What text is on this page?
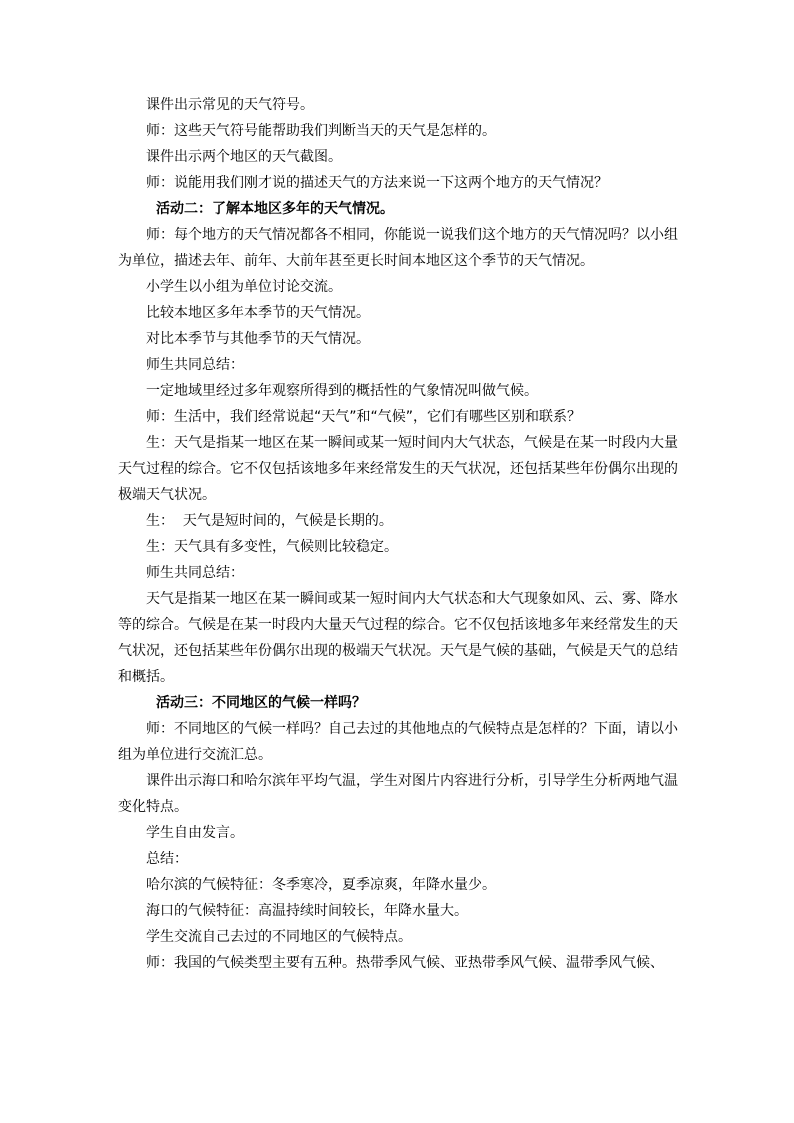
课件出示常见的天气符号。

师：这些天气符号能帮助我们判断当天的天气是怎样的。

课件出示两个地区的天气截图。

师：说能用我们刚才说的描述天气的方法来说一下这两个地方的天气情况？

活动二：了解本地区多年的天气情况。

师：每个地方的天气情况都各不相同，你能说一说我们这个地方的天气情况吗？以小组为单位，描述去年、前年、大前年甚至更长时间本地区这个季节的天气情况。

小学生以小组为单位讨论交流。

比较本地区多年本季节的天气情况。

对比本季节与其他季节的天气情况。

师生共同总结：

一定地域里经过多年观察所得到的概括性的气象情况叫做气候。

师：生活中，我们经常说起“天气”和“气候”，它们有哪些区别和联系？

生：天气是指某一地区在某一瞬间或某一短时间内大气状态，气候是在某一时段内大量天气过程的综合。它不仅包括该地多年来经常发生的天气状况，还包括某些年份偶尔出现的极端天气状况。

生：  天气是短时间的，气候是长期的。

生：天气具有多变性，气候则比较稳定。

师生共同总结：

天气是指某一地区在某一瞬间或某一短时间内大气状态和大气现象如风、云、雾、降水等的综合。气候是在某一时段内大量天气过程的综合。它不仅包括该地多年来经常发生的天气状况，还包括某些年份偶尔出现的极端天气状况。天气是气候的基础，气候是天气的总结和概括。

活动三：不同地区的气候一样吗？

师：不同地区的气候一样吗？自己去过的其他地点的气候特点是怎样的？下面，请以小组为单位进行交流汇总。

课件出示海口和哈尔滨年平均气温，学生对图片内容进行分析，引导学生分析两地气温变化特点。

学生自由发言。

总结：

哈尔滨的气候特征：冬季寒冷，夏季凉爽，年降水量少。

海口的气候特征：高温持续时间较长，年降水量大。

学生交流自己去过的不同地区的气候特点。

师：我国的气候类型主要有五种。热带季风气候、亚热带季风气候、温带季风气候、
